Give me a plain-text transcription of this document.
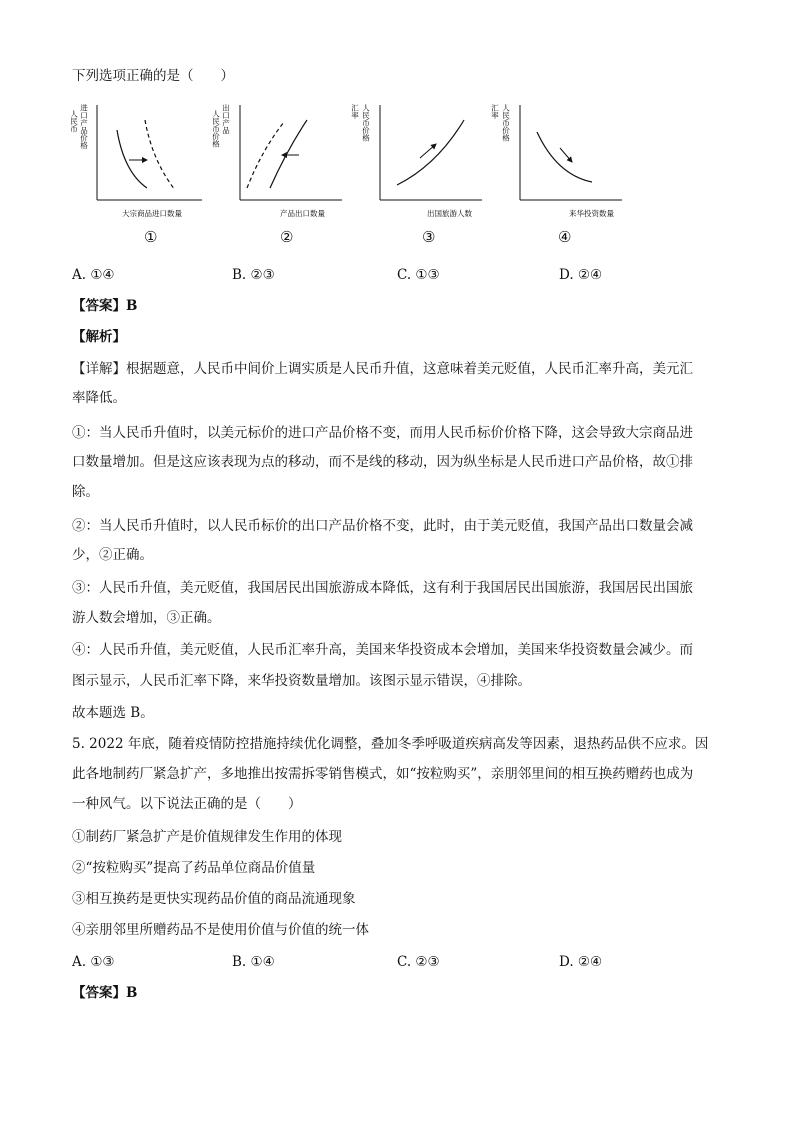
下列选项正确的是（　　）
人民币 进口产品价格
大宗商品进口数量
①
人民币价格 出口产品
产品出口数量
②
汇率 人民币价格
出国旅游人数
③
汇率 人民币价格
来华投资数量
④
A. ①④	B. ②③	C. ①③	D. ②④
【答案】B
【解析】
【详解】根据题意，人民币中间价上调实质是人民币升值，这意味着美元贬值，人民币汇率升高，美元汇
率降低。
①：当人民币升值时，以美元标价的进口产品价格不变，而用人民币标价价格下降，这会导致大宗商品进
口数量增加。但是这应该表现为点的移动，而不是线的移动，因为纵坐标是人民币进口产品价格，故①排
除。
②：当人民币升值时，以人民币标价的出口产品价格不变，此时，由于美元贬值，我国产品出口数量会减
少，②正确。
③：人民币升值，美元贬值，我国居民出国旅游成本降低，这有利于我国居民出国旅游，我国居民出国旅
游人数会增加，③正确。
④：人民币升值，美元贬值，人民币汇率升高，美国来华投资成本会增加，美国来华投资数量会减少。而
图示显示，人民币汇率下降，来华投资数量增加。该图示显示错误，④排除。
故本题选 B。
5. 2022 年底，随着疫情防控措施持续优化调整，叠加冬季呼吸道疾病高发等因素，退热药品供不应求。因
此各地制药厂紧急扩产，多地推出按需拆零销售模式，如“按粒购买”，亲朋邻里间的相互换药赠药也成为
一种风气。以下说法正确的是（　　）
①制药厂紧急扩产是价值规律发生作用的体现
②“按粒购买”提高了药品单位商品价值量
③相互换药是更快实现药品价值的商品流通现象
④亲朋邻里所赠药品不是使用价值与价值的统一体
A. ①③	B. ①④	C. ②③	D. ②④
【答案】B
